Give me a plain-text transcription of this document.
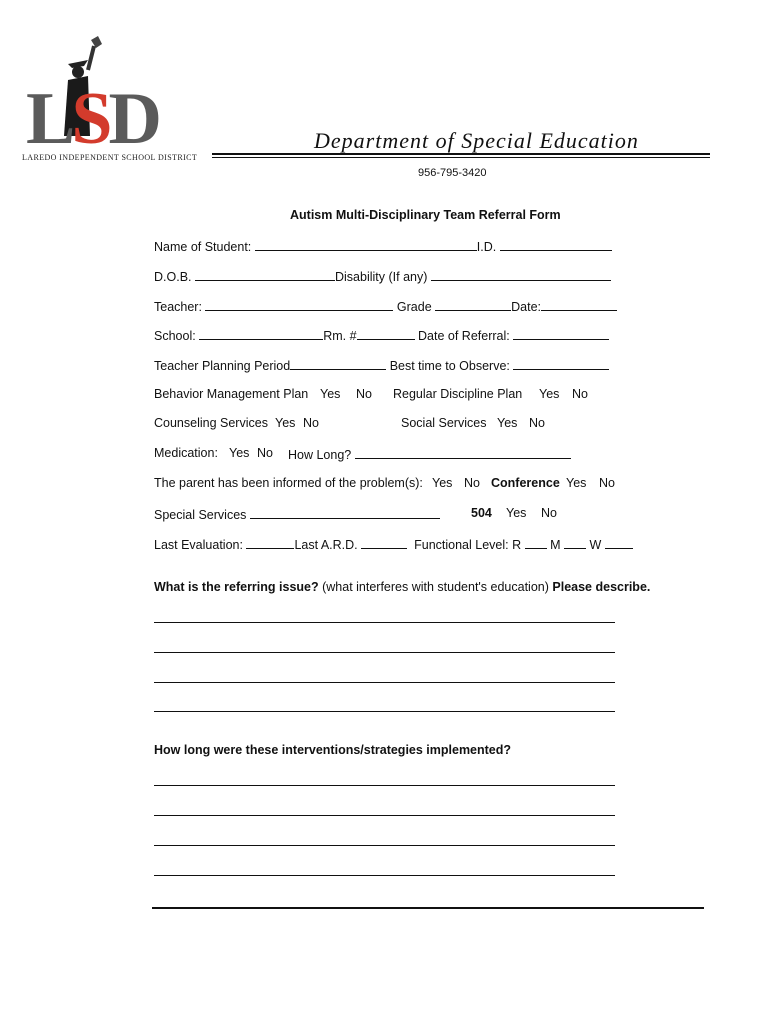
LSD
LAREDO INDEPENDENT SCHOOL DISTRICT
Department of Special Education
956-795-3420
Autism Multi-Disciplinary Team Referral Form
Name of Student:	I.D.
D.O.B.	Disability (If any)
Teacher:	Grade	Date:
School:	Rm. #	Date of Referral:
Teacher Planning Period	Best time to Observe:
Behavior Management Plan Yes No Regular Discipline Plan Yes No
Counseling Services Yes No	Social Services Yes No
Medication: Yes No How Long?
The parent has been informed of the problem(s): Yes No Conference Yes No
Special Services	504 Yes No
Last Evaluation:	Last A.R.D.	Functional Level: R M W
What is the referring issue? (what interferes with student's education) Please describe.
How long were these interventions/strategies implemented?
